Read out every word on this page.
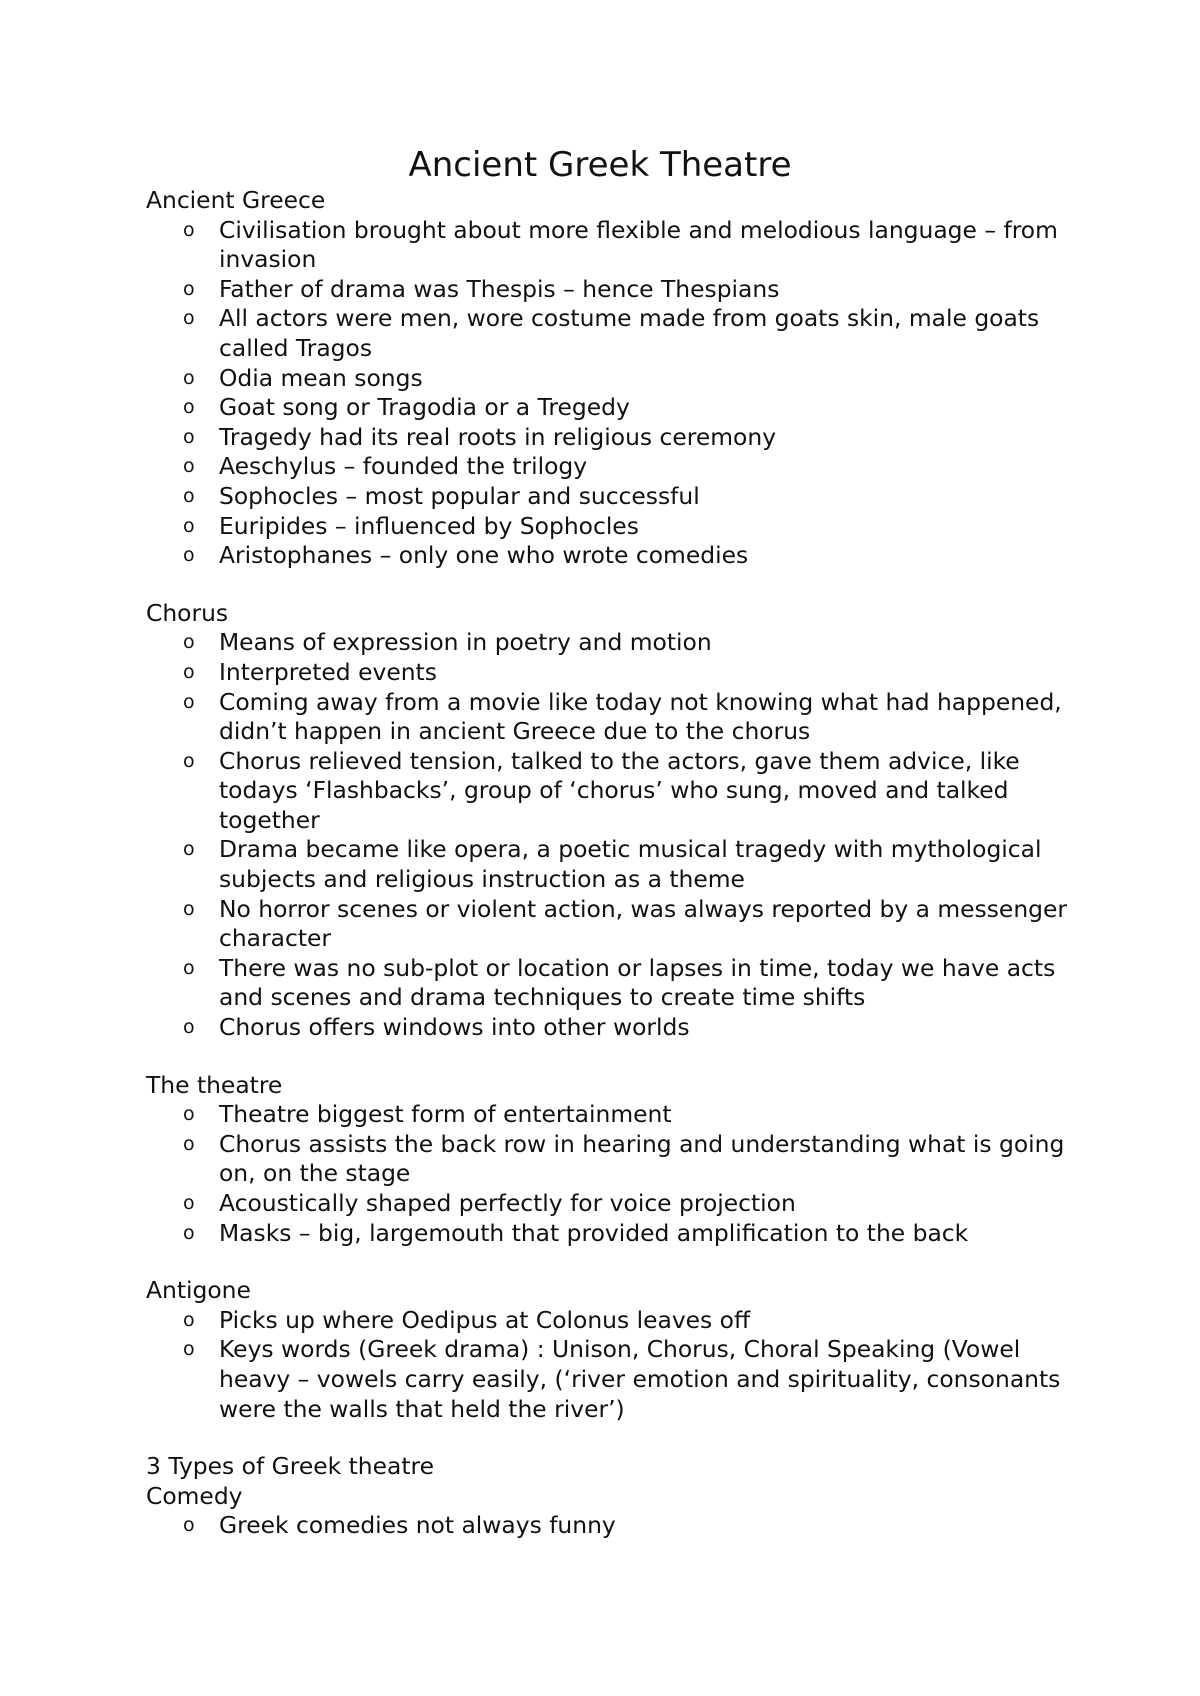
Ancient Greek Theatre

Ancient Greece

o Civilisation brought about more flexible and melodious language – from invasion
o Father of drama was Thespis – hence Thespians
o All actors were men, wore costume made from goats skin, male goats called Tragos
o Odia mean songs
o Goat song or Tragodia or a Tregedy
o Tragedy had its real roots in religious ceremony
o Aeschylus – founded the trilogy
o Sophocles – most popular and successful
o Euripides – influenced by Sophocles
o Aristophanes – only one who wrote comedies

Chorus

o Means of expression in poetry and motion
o Interpreted events
o Coming away from a movie like today not knowing what had happened, didn’t happen in ancient Greece due to the chorus
o Chorus relieved tension, talked to the actors, gave them advice, like todays ‘Flashbacks’, group of ‘chorus’ who sung, moved and talked together
o Drama became like opera, a poetic musical tragedy with mythological subjects and religious instruction as a theme
o No horror scenes or violent action, was always reported by a messenger character
o There was no sub-plot or location or lapses in time, today we have acts and scenes and drama techniques to create time shifts
o Chorus offers windows into other worlds

The theatre

o Theatre biggest form of entertainment
o Chorus assists the back row in hearing and understanding what is going on, on the stage
o Acoustically shaped perfectly for voice projection
o Masks – big, largemouth that provided amplification to the back

Antigone

o Picks up where Oedipus at Colonus leaves off
o Keys words (Greek drama) : Unison, Chorus, Choral Speaking (Vowel heavy – vowels carry easily, (‘river emotion and spirituality, consonants were the walls that held the river’)

3 Types of Greek theatre

Comedy

o Greek comedies not always funny
